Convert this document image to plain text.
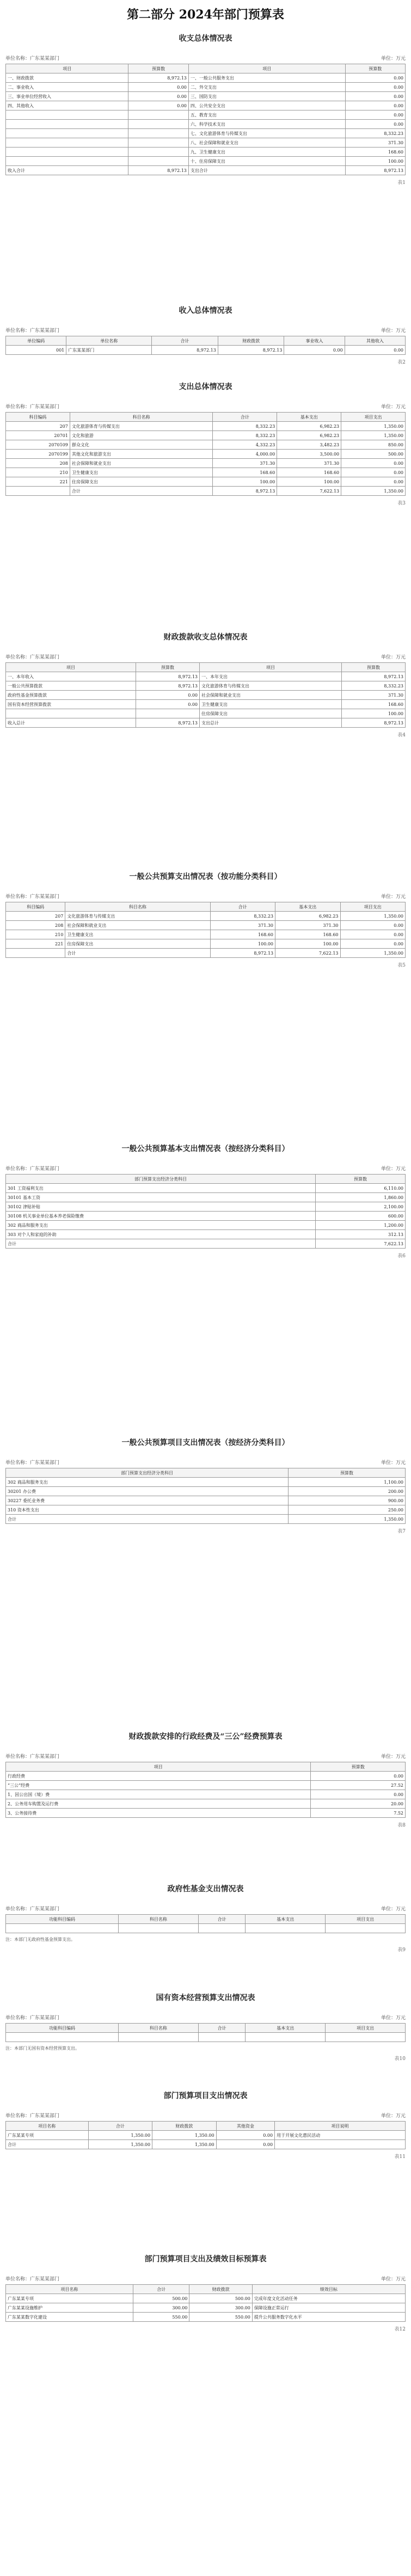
第二部分 2024年部门预算表
收支总体情况表
单位名称：广东某某部门	单位：万元
项目	预算数	项目	预算数
一、财政拨款	8,972.13	一、一般公共服务支出	0.00
二、事业收入	0.00	二、外交支出	0.00
三、事业单位经营收入	0.00	三、国防支出	0.00
四、其他收入	0.00	四、公共安全支出	0.00
		五、教育支出	0.00
		六、科学技术支出	0.00
		七、文化旅游体育与传媒支出	8,332.23
		八、社会保障和就业支出	371.30
		九、卫生健康支出	168.60
		十、住房保障支出	100.00
收入合计	8,972.13	支出合计	8,972.13
表1
收入总体情况表
单位名称：广东某某部门	单位：万元
单位编码	单位名称	合计	财政拨款	事业收入	其他收入
001	广东某某部门	8,972.13	8,972.13	0.00	0.00
表2
支出总体情况表
单位名称：广东某某部门	单位：万元
科目编码	科目名称	合计	基本支出	项目支出
207	文化旅游体育与传媒支出	8,332.23	6,982.23	1,350.00
20701	文化和旅游	8,332.23	6,982.23	1,350.00
2070109	群众文化	4,332.23	3,482.23	850.00
2070199	其他文化和旅游支出	4,000.00	3,500.00	500.00
208	社会保障和就业支出	371.30	371.30	0.00
210	卫生健康支出	168.60	168.60	0.00
221	住房保障支出	100.00	100.00	0.00
	合计	8,972.13	7,622.13	1,350.00
表3
财政拨款收支总体情况表
单位名称：广东某某部门	单位：万元
项目	预算数	项目	预算数
一、本年收入	8,972.13	一、本年支出	8,972.13
一般公共预算拨款	8,972.13	文化旅游体育与传媒支出	8,332.23
政府性基金预算拨款	0.00	社会保障和就业支出	371.30
国有资本经营预算拨款	0.00	卫生健康支出	168.60
		住房保障支出	100.00
收入总计	8,972.13	支出总计	8,972.13
表4
一般公共预算支出情况表（按功能分类科目）
单位名称：广东某某部门	单位：万元
科目编码	科目名称	合计	基本支出	项目支出
207	文化旅游体育与传媒支出	8,332.23	6,982.23	1,350.00
208	社会保障和就业支出	371.30	371.30	0.00
210	卫生健康支出	168.60	168.60	0.00
221	住房保障支出	100.00	100.00	0.00
	合计	8,972.13	7,622.13	1,350.00
表5
一般公共预算基本支出情况表（按经济分类科目）
单位名称：广东某某部门	单位：万元
部门预算支出经济分类科目	预算数
301 工资福利支出	6,110.00
30101 基本工资	1,860.00
30102 津贴补贴	2,100.00
30108 机关事业单位基本养老保险缴费	600.00
302 商品和服务支出	1,200.00
303 对个人和家庭的补助	312.13
合计	7,622.13
表6
一般公共预算项目支出情况表（按经济分类科目）
单位名称：广东某某部门	单位：万元
部门预算支出经济分类科目	预算数
302 商品和服务支出	1,100.00
30201 办公费	200.00
30227 委托业务费	900.00
310 资本性支出	250.00
合计	1,350.00
表7
财政拨款安排的行政经费及“三公”经费预算表
单位名称：广东某某部门	单位：万元
项目	预算数
行政经费	0.00
“三公”经费	27.52
1、因公出国（境）费	0.00
2、公务用车购置及运行费	20.00
3、公务接待费	7.52
表8
政府性基金支出情况表
单位名称：广东某某部门	单位：万元
功能科目编码	科目名称	合计	基本支出	项目支出

注：本部门无政府性基金预算支出。
表9
国有资本经营预算支出情况表
单位名称：广东某某部门	单位：万元
功能科目编码	科目名称	合计	基本支出	项目支出

注：本部门无国有资本经营预算支出。
表10
部门预算项目支出情况表
单位名称：广东某某部门	单位：万元
项目名称	合计	财政拨款	其他资金	项目说明
广东某某专项	1,350.00	1,350.00	0.00	用于开展文化惠民活动
合计	1,350.00	1,350.00	0.00	
表11
部门预算项目支出及绩效目标预算表
单位名称：广东某某部门	单位：万元
项目名称	合计	财政拨款	绩效目标
广东某某专项	500.00	500.00	完成年度文化活动任务
广东某某设施维护	300.00	300.00	保障设施正常运行
广东某某数字化建设	550.00	550.00	提升公共服务数字化水平
表12
